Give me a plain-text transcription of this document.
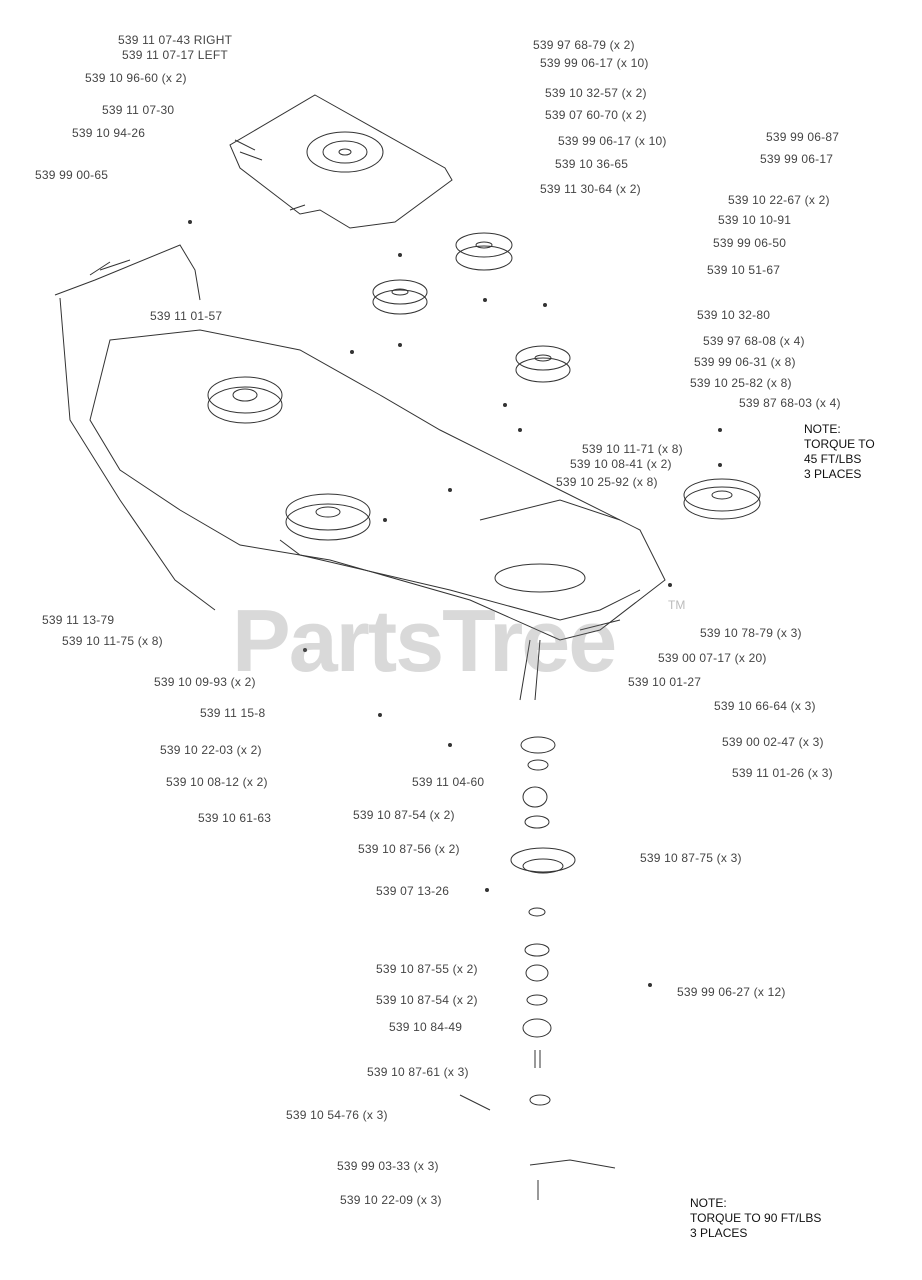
PartsTree	TM
539 11 07-43 RIGHT
539 11 07-17 LEFT
539 10 96-60 (x 2)
539 11 07-30
539 10 94-26
539 99 00-65
539 97 68-79 (x 2)
539 99 06-17 (x 10)
539 10 32-57 (x 2)
539 07 60-70 (x 2)
539 99 06-17 (x 10)	539 99 06-87
539 10 36-65	539 99 06-17
539 11 30-64 (x 2)
539 10 22-67 (x 2)
539 10 10-91
539 99 06-50
539 10 51-67
539 11 01-57	539 10 32-80
539 97 68-08 (x 4)
539 99 06-31 (x 8)
539 10 25-82 (x 8)
539 87 68-03 (x 4)
539 10 11-71 (x 8)
539 10 08-41 (x 2)
539 10 25-92 (x 8)
539 11 13-79
539 10 11-75 (x 8)
539 10 78-79 (x 3)
539 00 07-17 (x 20)
539 10 09-93 (x 2)	539 10 01-27
539 11 15-8	539 10 66-64 (x 3)
539 10 22-03 (x 2)
539 00 02-47 (x 3)
539 10 08-12 (x 2)	539 11 04-60
539 11 01-26 (x 3)
539 10 61-63	539 10 87-54 (x 2)
539 10 87-56 (x 2)
539 10 87-75 (x 3)
539 07 13-26
539 10 87-55 (x 2)
539 99 06-27 (x 12)
539 10 87-54 (x 2)
539 10 84-49
539 10 87-61 (x 3)
539 10 54-76 (x 3)
539 99 03-33 (x 3)
539 10 22-09 (x 3)
NOTE:
TORQUE TO
45 FT/LBS
3 PLACES
NOTE:
TORQUE TO 90 FT/LBS
3 PLACES
